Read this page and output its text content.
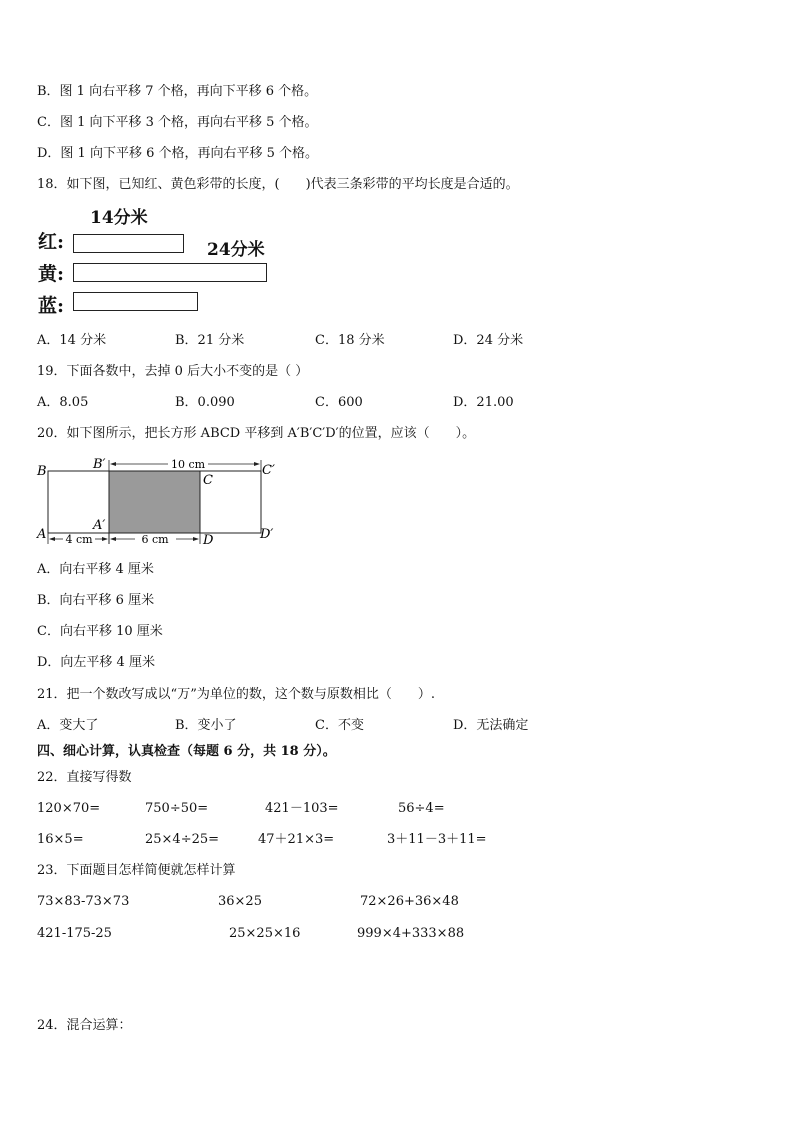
B．图 1 向右平移 7 个格，再向下平移 6 个格。
C．图 1 向下平移 3 个格，再向右平移 5 个格。
D．图 1 向下平移 6 个格，再向右平移 5 个格。
18．如下图，已知红、黄色彩带的长度，(　　)代表三条彩带的平均长度是合适的。
14分米
红:	24分米
黄:
蓝:
A．14 分米	B．21 分米	C．18 分米	D．24 分米
19．下面各数中，去掉 0 后大小不变的是（ ）
A．8.05	B．0.090	C．600	D．21.00
20．如下图所示，把长方形 ABCD 平移到 A′B′C′D′的位置，应该（　　）。
10 cm
4 cm	6 cm
B	B′
C
C′
A
A′
D	D′
A．向右平移 4 厘米
B．向右平移 6 厘米
C．向右平移 10 厘米
D．向左平移 4 厘米
21．把一个数改写成以“万”为单位的数，这个数与原数相比（　　）.
A．变大了	B．变小了	C．不变	D．无法确定
四、细心计算，认真检查（每题 6 分，共 18 分）。
22．直接写得数
120×70=	750÷50=	421－103=	56÷4=
16×5=	25×4÷25=	47＋21×3=	3＋11－3＋11=
23．下面题目怎样简便就怎样计算
73×83-73×73	36×25	72×26+36×48
421-175-25	25×25×16	999×4+333×88
24．混合运算：
